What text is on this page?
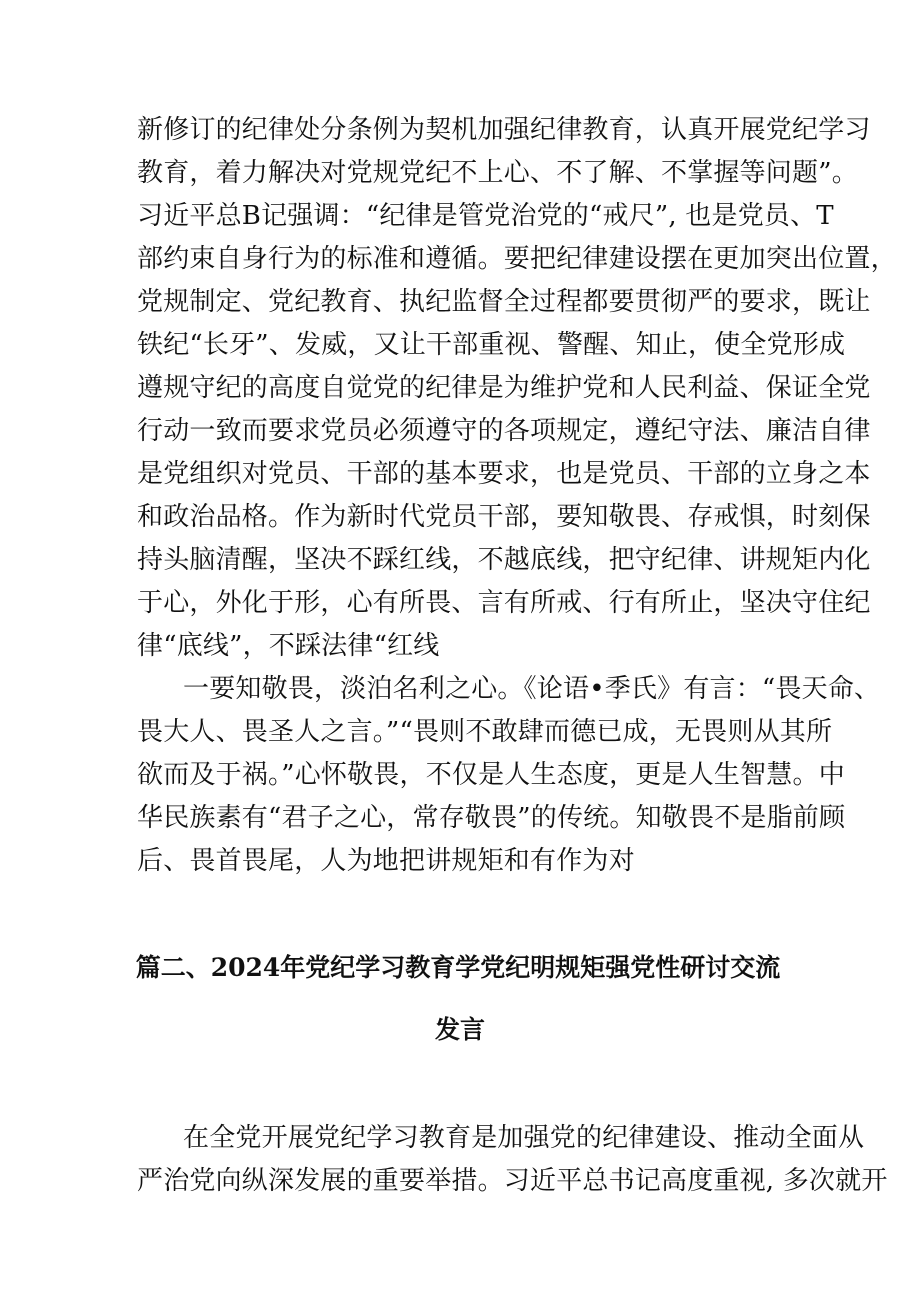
新修订的纪律处分条例为契机加强纪律教育，认真开展党纪学习
教育，着力解决对党规党纪不上心、不了解、不掌握等问题”。
习近平总B记强调：“纪律是管党治党的“戒尺”, 也是党员、T
部约束自身行为的标准和遵循。要把纪律建设摆在更加突出位置，
党规制定、党纪教育、执纪监督全过程都要贯彻严的要求，既让
铁纪“长牙”、发威，又让干部重视、警醒、知止，使全党形成
遵规守纪的高度自觉党的纪律是为维护党和人民利益、保证全党
行动一致而要求党员必须遵守的各项规定，遵纪守法、廉洁自律
是党组织对党员、干部的基本要求，也是党员、干部的立身之本
和政治品格。作为新时代党员干部，要知敬畏、存戒惧，时刻保
持头脑清醒，坚决不踩红线，不越底线，把守纪律、讲规矩内化
于心，外化于形，心有所畏、言有所戒、行有所止，坚决守住纪
律“底线”，不踩法律“红线
一要知敬畏，淡泊名利之心。《论语•季氏》有言：“畏天命、
畏大人、畏圣人之言。”“畏则不敢肆而德已成，无畏则从其所
欲而及于祸。”心怀敬畏，不仅是人生态度，更是人生智慧。中
华民族素有“君子之心，常存敬畏”的传统。知敬畏不是脂前顾
后、畏首畏尾，人为地把讲规矩和有作为对
篇二、2024年党纪学习教育学党纪明规矩强党性研讨交流
发言
在全党开展党纪学习教育是加强党的纪律建设、推动全面从
严治党向纵深发展的重要举措。习近平总书记高度重视, 多次就开
